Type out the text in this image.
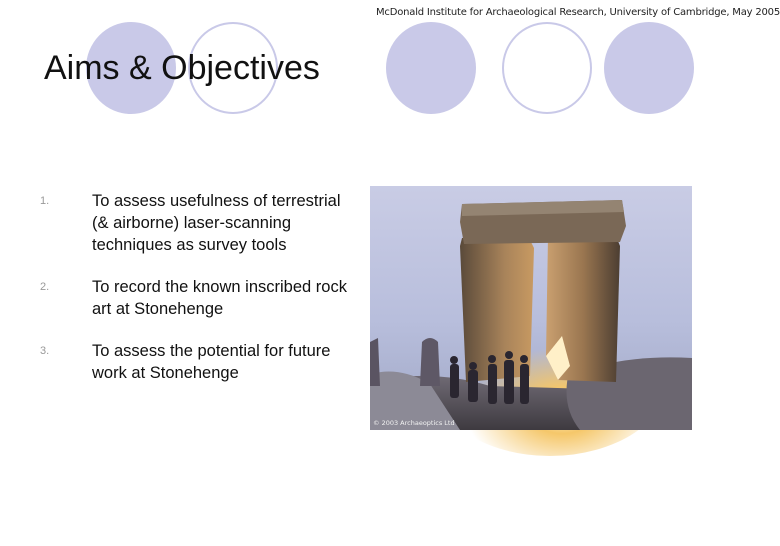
McDonald Institute for Archaeological Research, University of Cambridge, May 2005
Aims & Objectives
1.	To assess usefulness of terrestrial (& airborne) laser-scanning techniques as survey tools
2.	To record the known inscribed rock art at Stonehenge
3.	To assess the potential for future work at Stonehenge
© 2003 Archaeoptics Ltd
